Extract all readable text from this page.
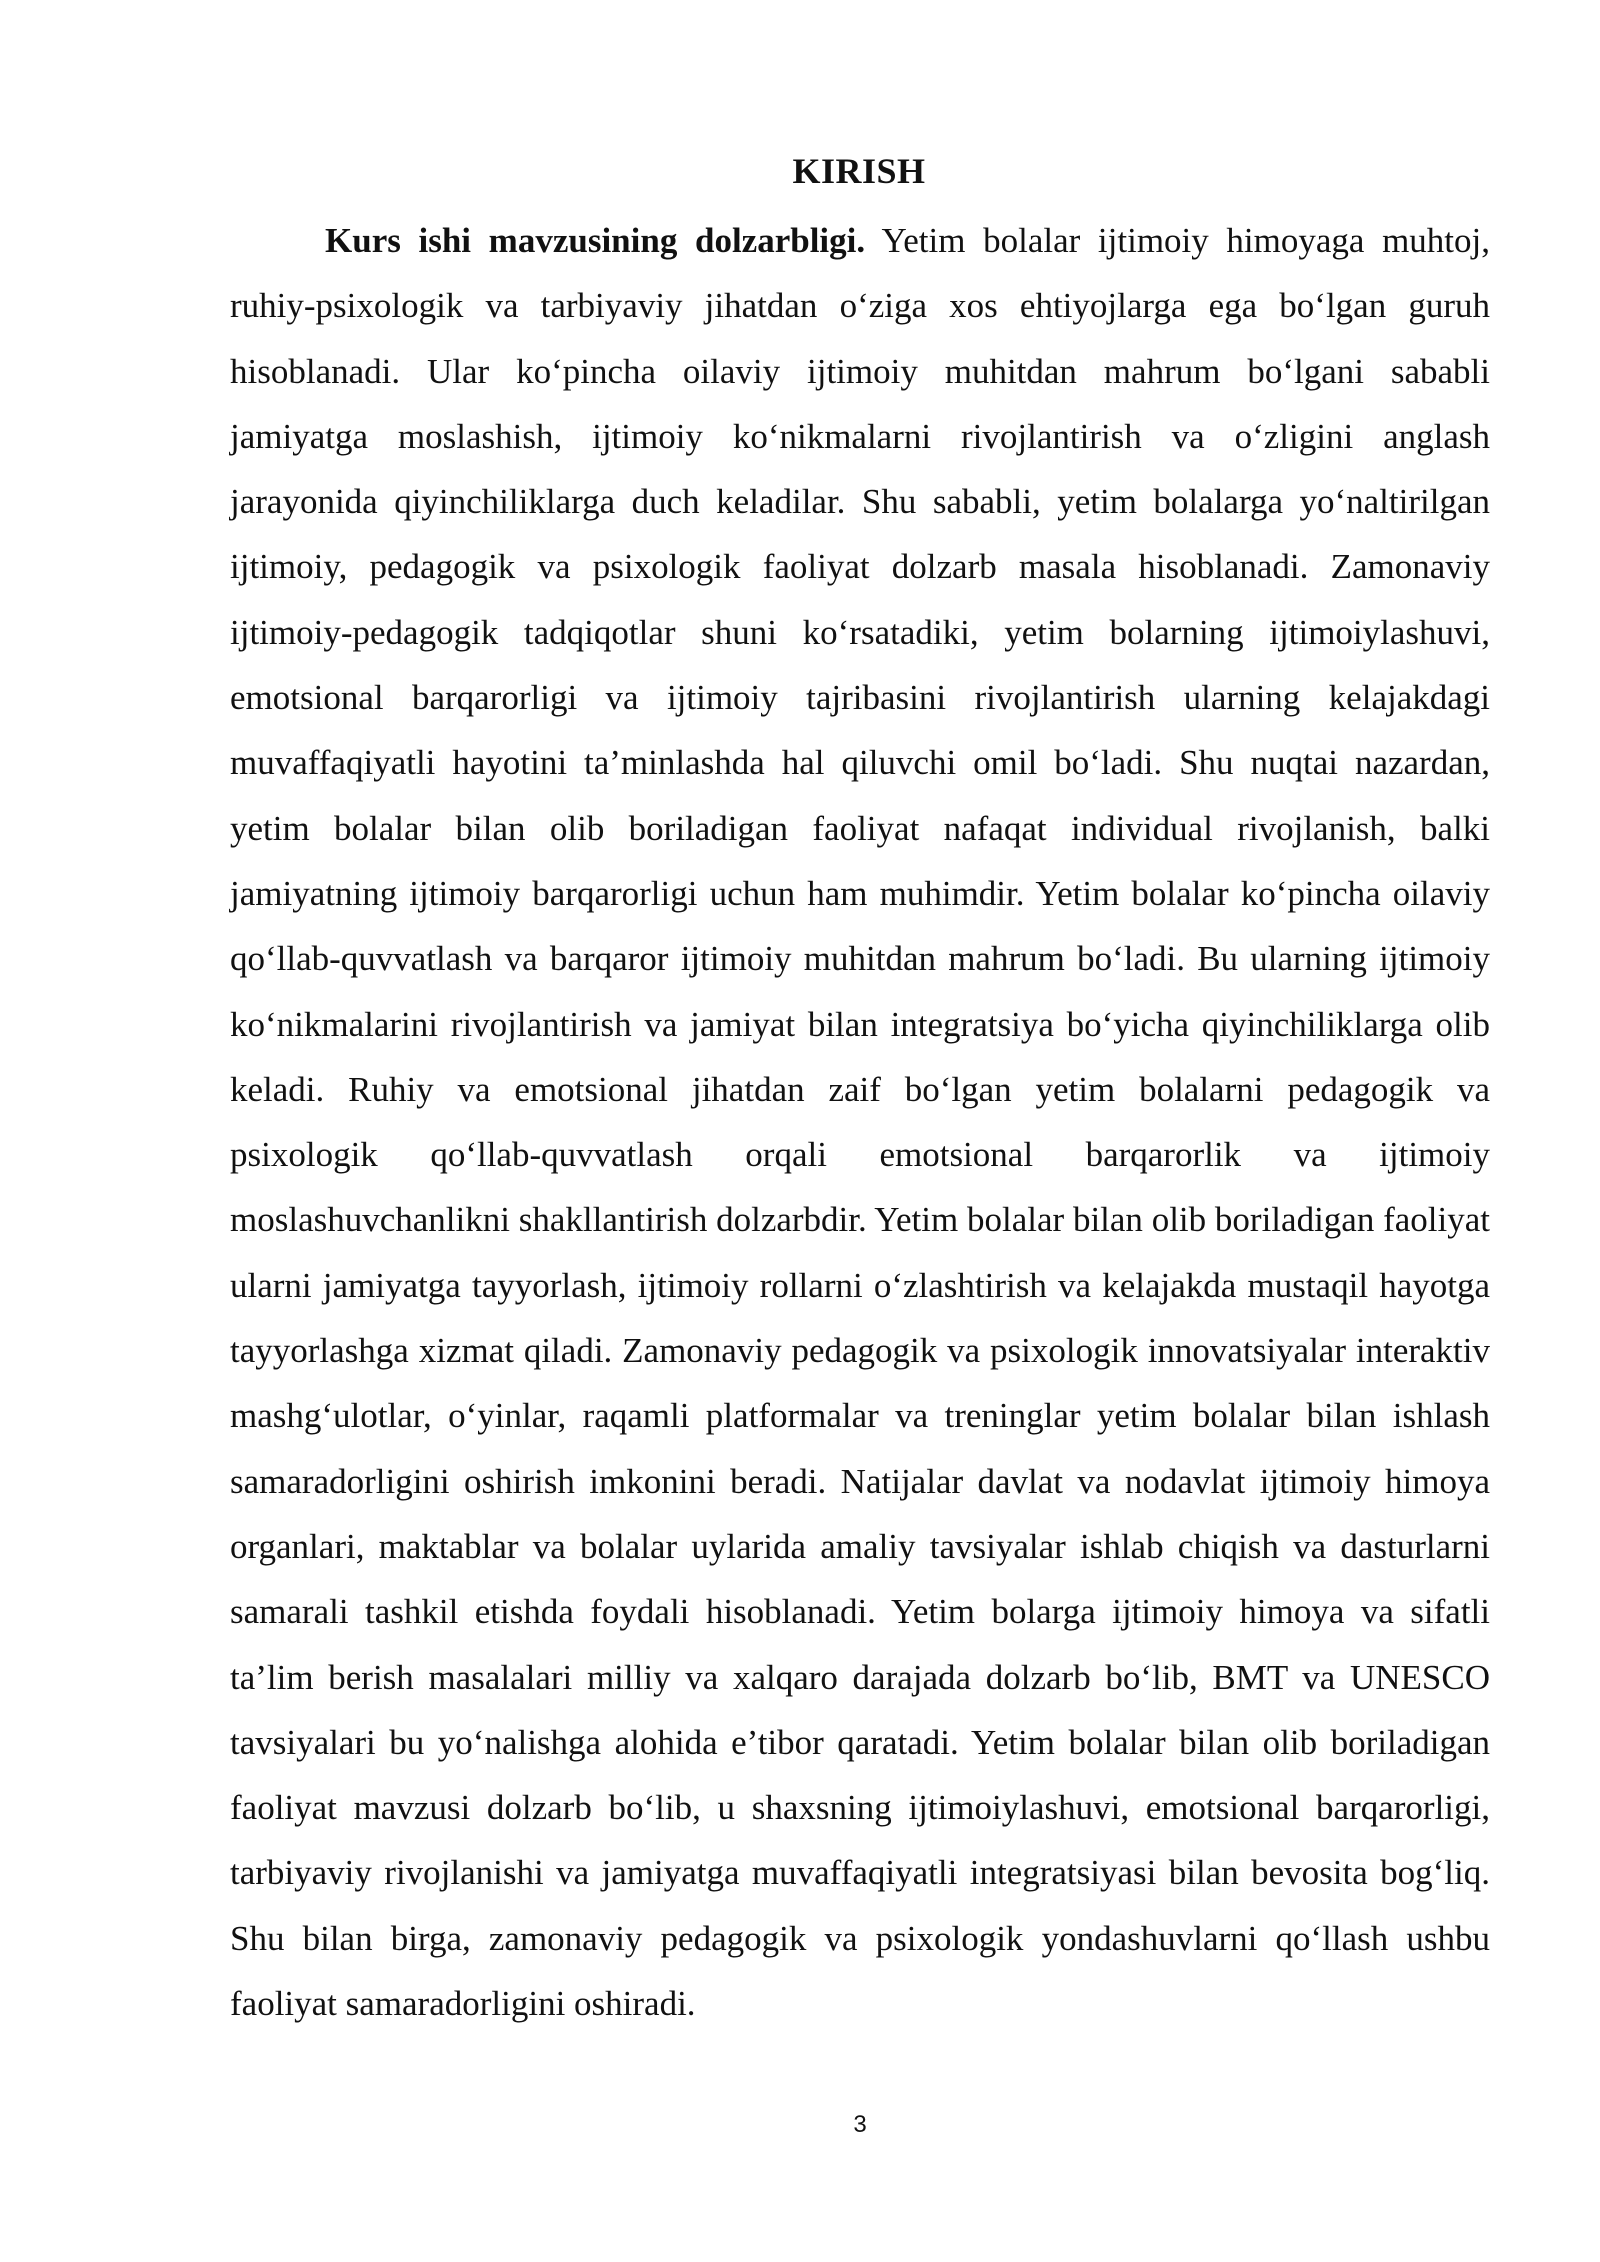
KIRISH

Kurs ishi mavzusining dolzarbligi. Yetim bolalar ijtimoiy himoyaga muhtoj, ruhiy-psixologik va tarbiyaviy jihatdan o‘ziga xos ehtiyojlarga ega bo‘lgan guruh hisoblanadi. Ular ko‘pincha oilaviy ijtimoiy muhitdan mahrum bo‘lgani sababli jamiyatga moslashish, ijtimoiy ko‘nikmalarni rivojlantirish va o‘zligini anglash jarayonida qiyinchiliklarga duch keladilar. Shu sababli, yetim bolalarga yo‘naltirilgan ijtimoiy, pedagogik va psixologik faoliyat dolzarb masala hisoblanadi. Zamonaviy ijtimoiy-pedagogik tadqiqotlar shuni ko‘rsatadiki, yetim bolarning ijtimoiylashuvi, emotsional barqarorligi va ijtimoiy tajribasini rivojlantirish ularning kelajakdagi muvaffaqiyatli hayotini ta’minlashda hal qiluvchi omil bo‘ladi. Shu nuqtai nazardan, yetim bolalar bilan olib boriladigan faoliyat nafaqat individual rivojlanish, balki jamiyatning ijtimoiy barqarorligi uchun ham muhimdir. Yetim bolalar ko‘pincha oilaviy qo‘llab-quvvatlash va barqaror ijtimoiy muhitdan mahrum bo‘ladi. Bu ularning ijtimoiy ko‘nikmalarini rivojlantirish va jamiyat bilan integratsiya bo‘yicha qiyinchiliklarga olib keladi. Ruhiy va emotsional jihatdan zaif bo‘lgan yetim bolalarni pedagogik va psixologik qo‘llab-quvvatlash orqali emotsional barqarorlik va ijtimoiy moslashuvchanlikni shakllantirish dolzarbdir. Yetim bolalar bilan olib boriladigan faoliyat ularni jamiyatga tayyorlash, ijtimoiy rollarni o‘zlashtirish va kelajakda mustaqil hayotga tayyorlashga xizmat qiladi. Zamonaviy pedagogik va psixologik innovatsiyalar interaktiv mashg‘ulotlar, o‘yinlar, raqamli platformalar va treninglar yetim bolalar bilan ishlash samaradorligini oshirish imkonini beradi. Natijalar davlat va nodavlat ijtimoiy himoya organlari, maktablar va bolalar uylarida amaliy tavsiyalar ishlab chiqish va dasturlarni samarali tashkil etishda foydali hisoblanadi. Yetim bolarga ijtimoiy himoya va sifatli ta’lim berish masalalari milliy va xalqaro darajada dolzarb bo‘lib, BMT va UNESCO tavsiyalari bu yo‘nalishga alohida e’tibor qaratadi. Yetim bolalar bilan olib boriladigan faoliyat mavzusi dolzarb bo‘lib, u shaxsning ijtimoiylashuvi, emotsional barqarorligi, tarbiyaviy rivojlanishi va jamiyatga muvaffaqiyatli integratsiyasi bilan bevosita bog‘liq. Shu bilan birga, zamonaviy pedagogik va psixologik yondashuvlarni qo‘llash ushbu faoliyat samaradorligini oshiradi.

3
